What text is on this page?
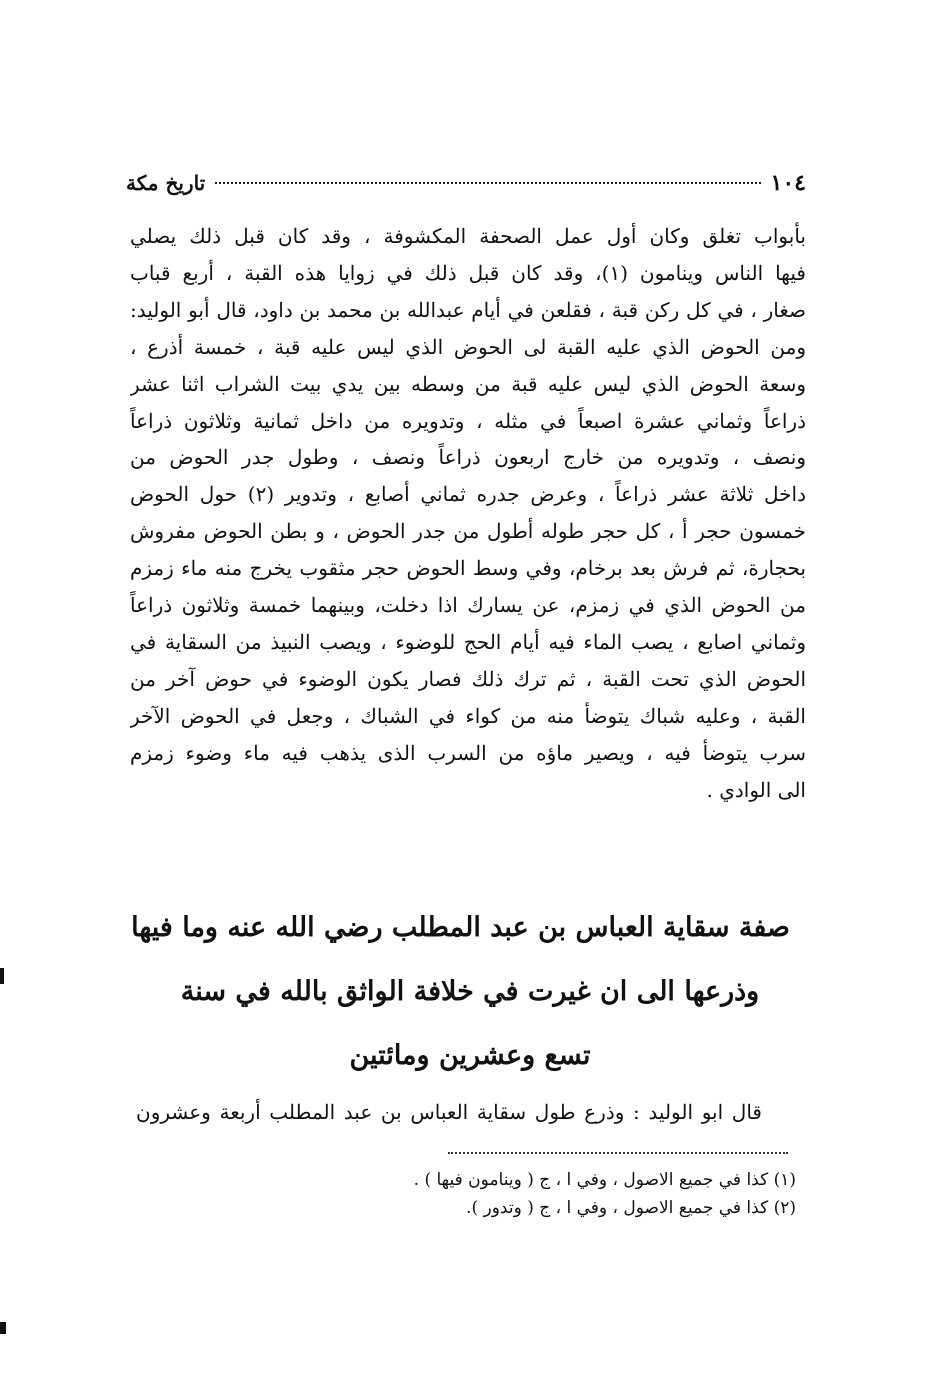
١٠٤
تاريخ مكة

بأبواب تغلق وكان أول عمل الصحفة المكشوفة ، وقد كان قبل ذلك يصلي
فيها الناس وينامون (١)، وقد كان قبل ذلك في زوايا هذه القبة ، أربع قباب
صغار ، في كل ركن قبة ، فقلعن في أيام عبدالله بن محمد بن داود، قال أبو الوليد:
ومن الحوض الذي عليه القبة لى الحوض الذي ليس عليه قبة ، خمسة أذرع ،
وسعة الحوض الذي ليس عليه قبة من وسطه بين يدي بيت الشراب اثنا عشر
ذراعاً وثماني عشرة اصبعاً في مثله ، وتدويره من داخل ثمانية وثلاثون ذراعاً
ونصف ، وتدويره من خارج اربعون ذراعاً ونصف ، وطول جدر الحوض من
داخل ثلاثة عشر ذراعاً ، وعرض جدره ثماني أصابع ، وتدوير (٢) حول الحوض
خمسون حجر أ ، كل حجر طوله أطول من جدر الحوض ، و بطن الحوض مفروش
بحجارة، ثم فرش بعد برخام، وفي وسط الحوض حجر مثقوب يخرج منه ماء زمزم
من الحوض الذي في زمزم، عن يسارك اذا دخلت، وبينهما خمسة وثلاثون ذراعاً
وثماني اصابع ، يصب الماء فيه أيام الحج للوضوء ، ويصب النبيذ من السقاية في
الحوض الذي تحت القبة ، ثم ترك ذلك فصار يكون الوضوء في حوض آخر من
القبة ، وعليه شباك يتوضأ منه من كواء في الشباك ، وجعل في الحوض الآخر
سرب يتوضأ فيه ، ويصير ماؤه من السرب الذى يذهب فيه ماء وضوء زمزم
الى الوادي .

صفة سقاية العباس بن عبد المطلب رضي الله عنه وما فيها
وذرعها الى ان غيرت في خلافة الواثق بالله في سنة
تسع وعشرين ومائتين

قال ابو الوليد : وذرع طول سقاية العباس بن عبد المطلب أربعة وعشرون

(١) كذا في جميع الاصول ، وفي ا ، ج ( وينامون فيها ) .
(٢) كذا في جميع الاصول ، وفي ا ، ج ( وتدور ).
